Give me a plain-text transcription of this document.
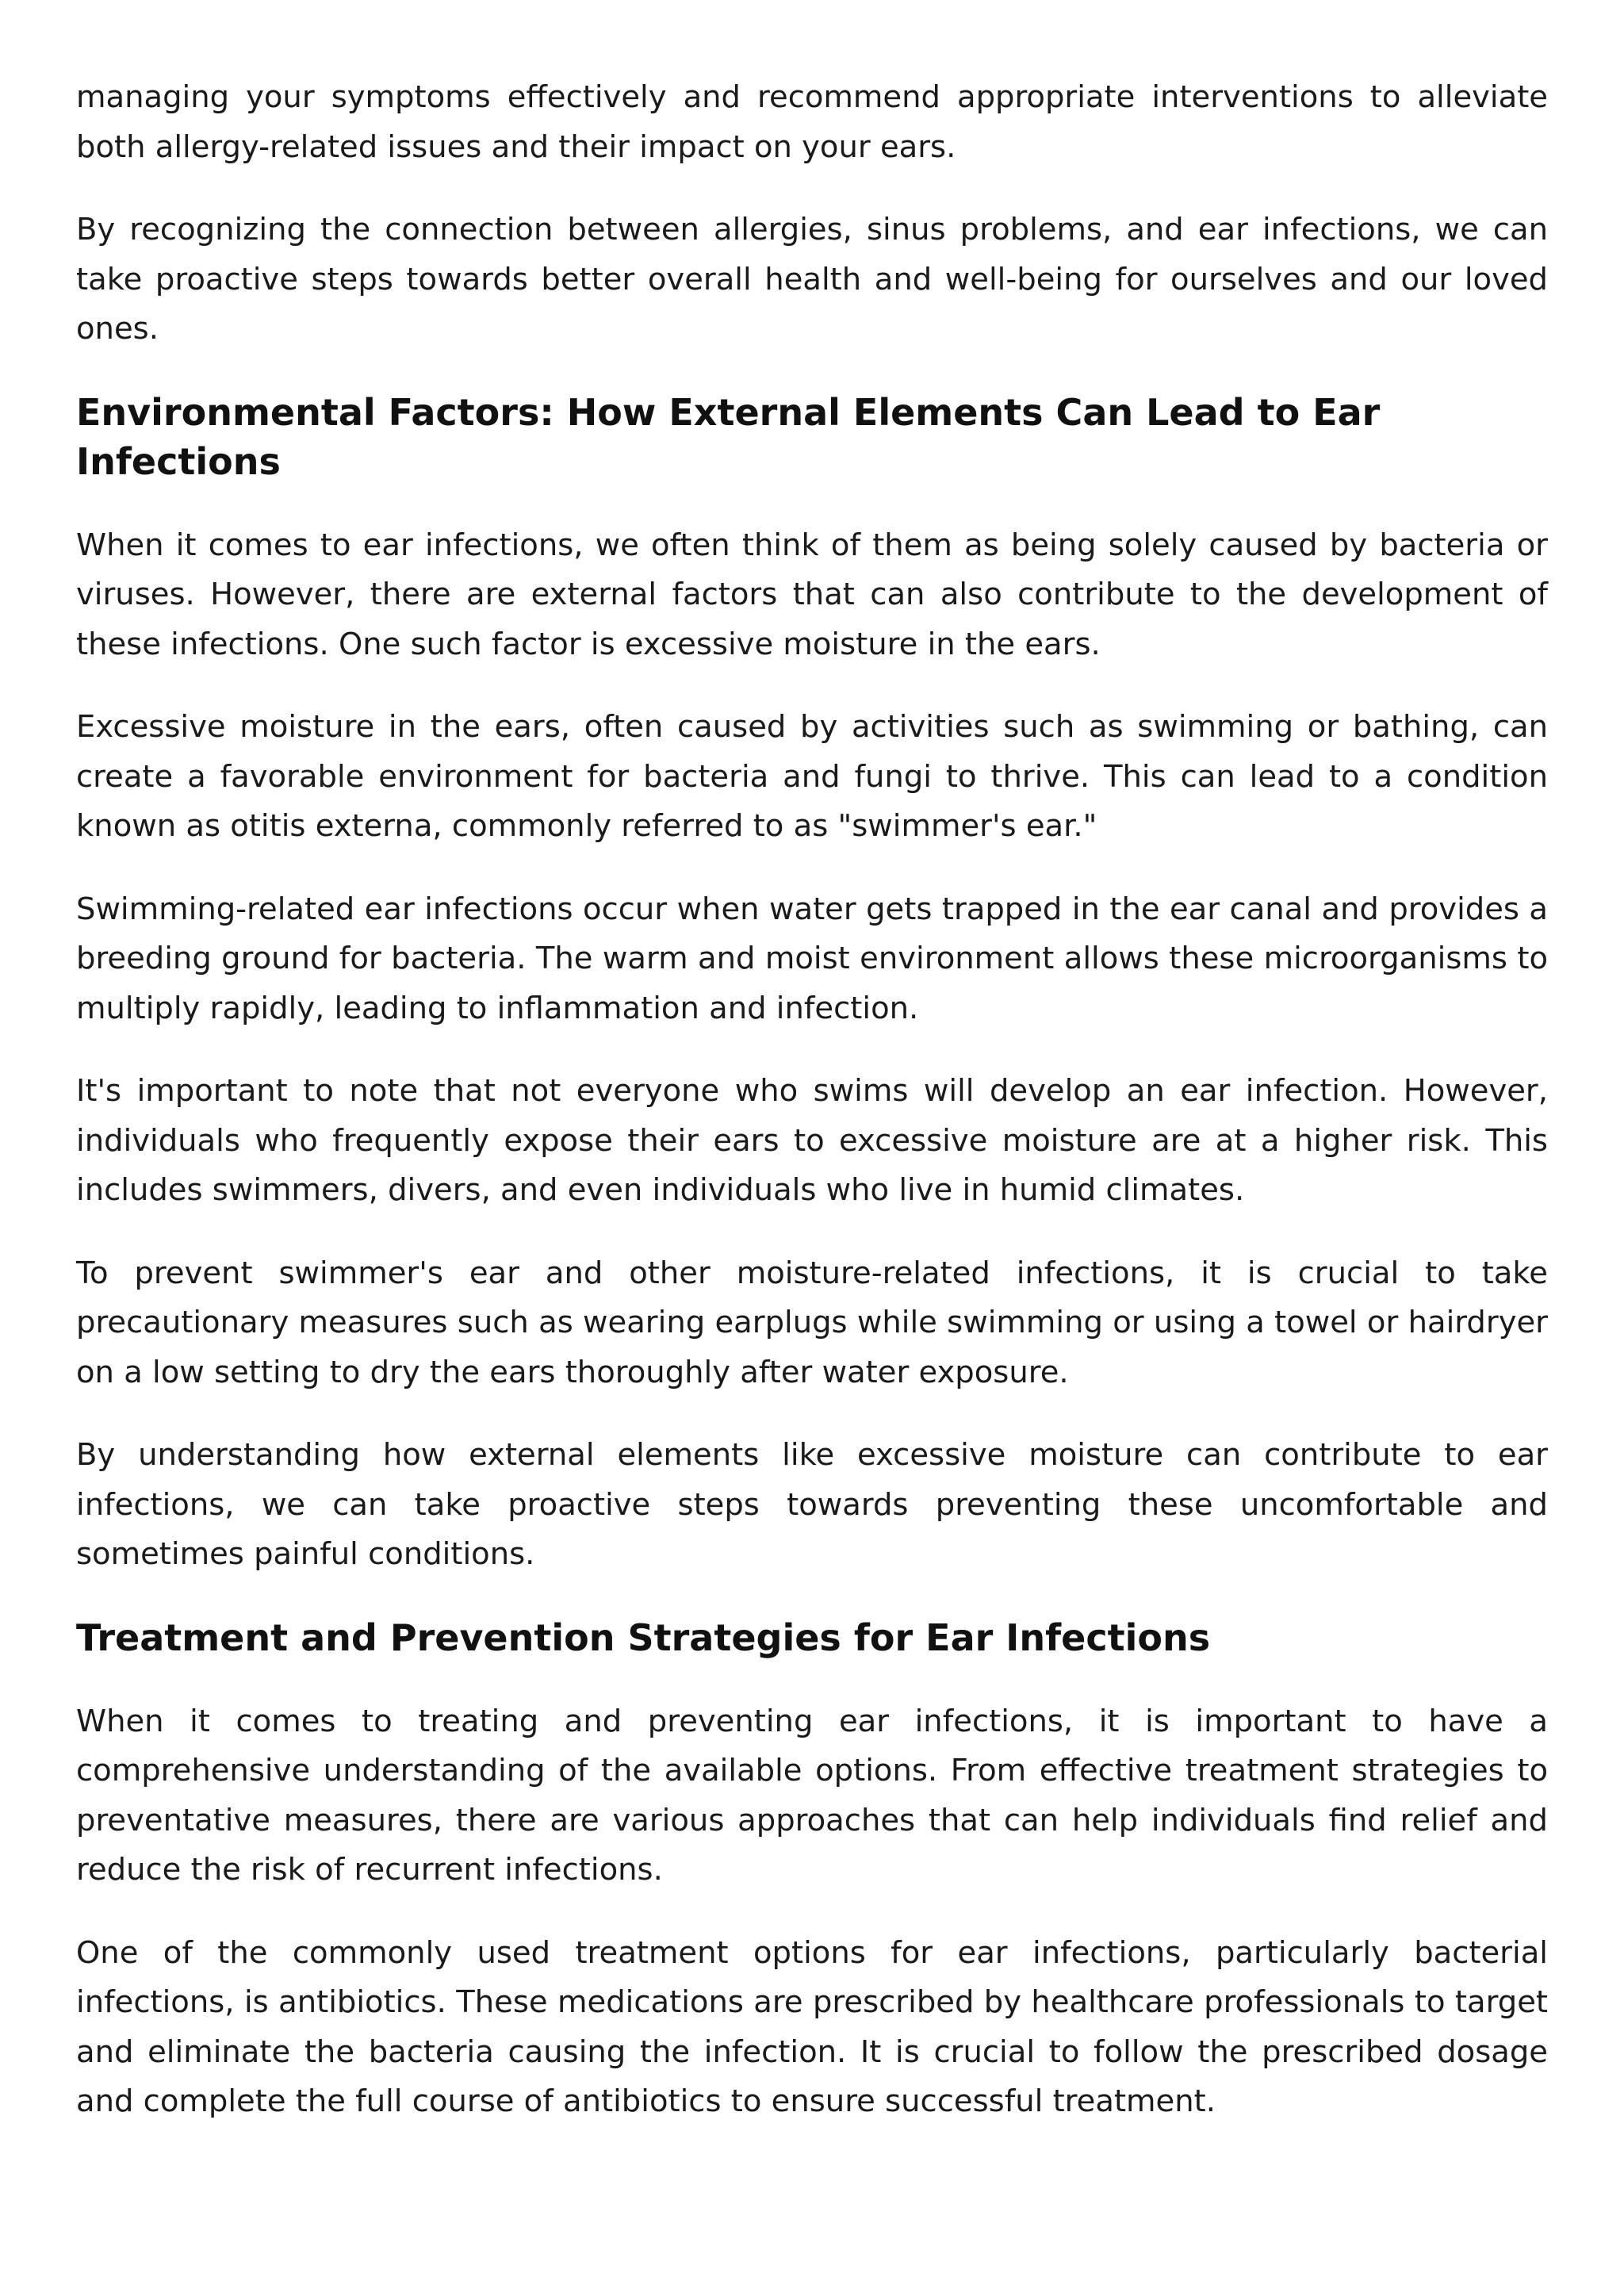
managing your symptoms effectively and recommend appropriate interventions to alleviate both allergy-related issues and their impact on your ears.

By recognizing the connection between allergies, sinus problems, and ear infections, we can take proactive steps towards better overall health and well-being for ourselves and our loved ones.

Environmental Factors: How External Elements Can Lead to Ear Infections

When it comes to ear infections, we often think of them as being solely caused by bacteria or viruses. However, there are external factors that can also contribute to the development of these infections. One such factor is excessive moisture in the ears.

Excessive moisture in the ears, often caused by activities such as swimming or bathing, can create a favorable environment for bacteria and fungi to thrive. This can lead to a condition known as otitis externa, commonly referred to as "swimmer's ear."

Swimming-related ear infections occur when water gets trapped in the ear canal and provides a breeding ground for bacteria. The warm and moist environment allows these microorganisms to multiply rapidly, leading to inflammation and infection.

It's important to note that not everyone who swims will develop an ear infection. However, individuals who frequently expose their ears to excessive moisture are at a higher risk. This includes swimmers, divers, and even individuals who live in humid climates.

To prevent swimmer's ear and other moisture-related infections, it is crucial to take precautionary measures such as wearing earplugs while swimming or using a towel or hairdryer on a low setting to dry the ears thoroughly after water exposure.

By understanding how external elements like excessive moisture can contribute to ear infections, we can take proactive steps towards preventing these uncomfortable and sometimes painful conditions.

Treatment and Prevention Strategies for Ear Infections

When it comes to treating and preventing ear infections, it is important to have a comprehensive understanding of the available options. From effective treatment strategies to preventative measures, there are various approaches that can help individuals find relief and reduce the risk of recurrent infections.

One of the commonly used treatment options for ear infections, particularly bacterial infections, is antibiotics. These medications are prescribed by healthcare professionals to target and eliminate the bacteria causing the infection. It is crucial to follow the prescribed dosage and complete the full course of antibiotics to ensure successful treatment.
